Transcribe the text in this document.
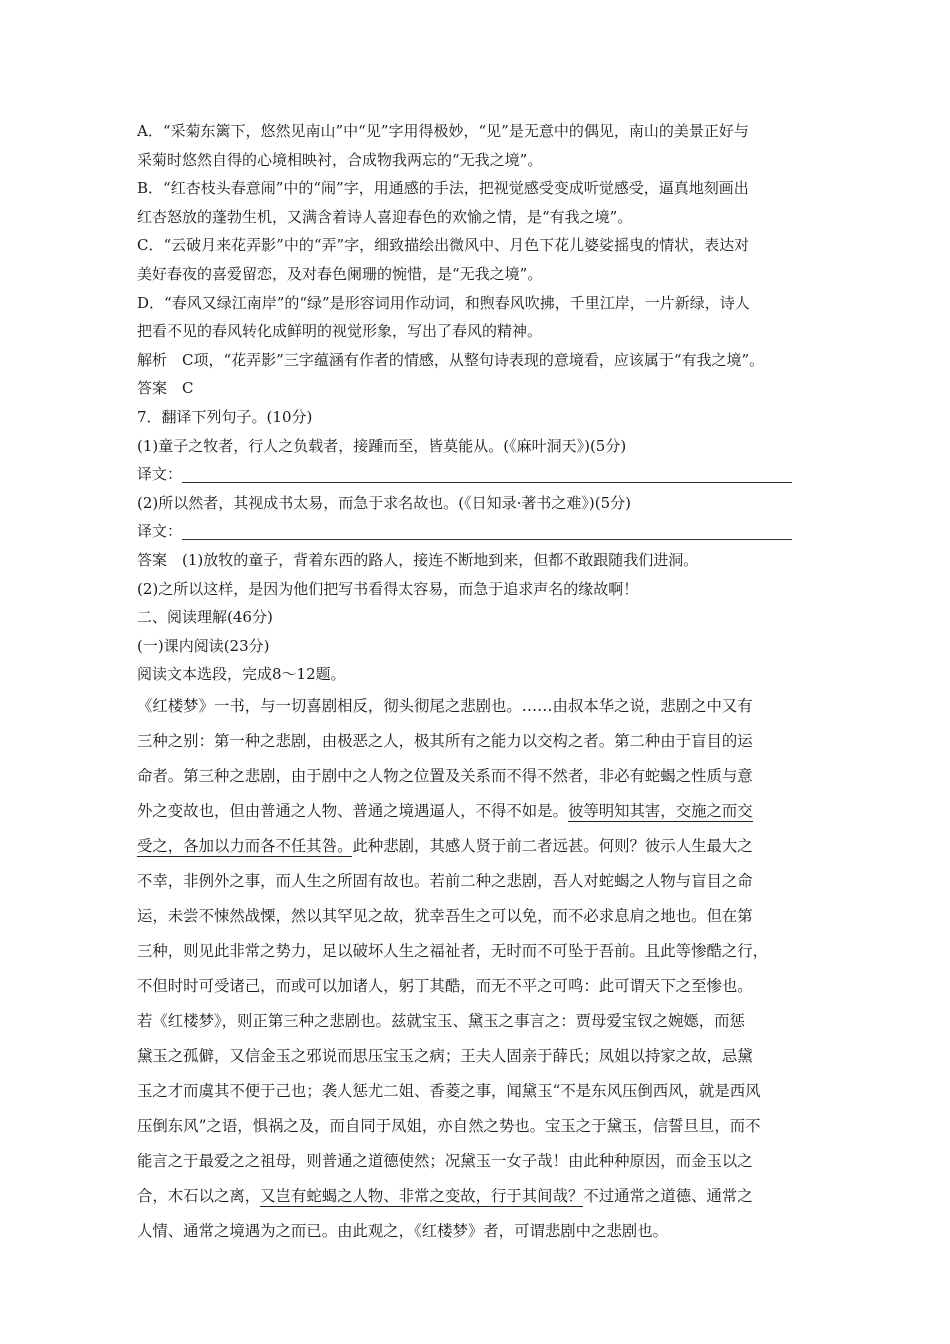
A．“采菊东篱下，悠然见南山”中“见”字用得极妙，“见”是无意中的偶见，南山的美景正好与
采菊时悠然自得的心境相映衬，合成物我两忘的“无我之境”。
B．“红杏枝头春意闹”中的“闹”字，用通感的手法，把视觉感受变成听觉感受，逼真地刻画出
红杏怒放的蓬勃生机，又满含着诗人喜迎春色的欢愉之情，是“有我之境”。
C．“云破月来花弄影”中的“弄”字，细致描绘出微风中、月色下花儿婆娑摇曳的情状，表达对
美好春夜的喜爱留恋，及对春色阑珊的惋惜，是“无我之境”。
D．“春风又绿江南岸”的“绿”是形容词用作动词，和煦春风吹拂，千里江岸，一片新绿，诗人
把看不见的春风转化成鲜明的视觉形象，写出了春风的精神。
解析　C项，“花弄影”三字蕴涵有作者的情感，从整句诗表现的意境看，应该属于“有我之境”。
答案　C
7．翻译下列句子。(10分)
(1)童子之牧者，行人之负载者，接踵而至，皆莫能从。(《麻叶洞天》)(5分)
译文：
(2)所以然者，其视成书太易，而急于求名故也。(《日知录·著书之难》)(5分)
译文：
答案　(1)放牧的童子，背着东西的路人，接连不断地到来，但都不敢跟随我们进洞。
(2)之所以这样，是因为他们把写书看得太容易，而急于追求声名的缘故啊！
二、阅读理解(46分)
(一)课内阅读(23分)
阅读文本选段，完成8～12题。
《红楼梦》一书，与一切喜剧相反，彻头彻尾之悲剧也。……由叔本华之说，悲剧之中又有
三种之别：第一种之悲剧，由极恶之人，极其所有之能力以交构之者。第二种由于盲目的运
命者。第三种之悲剧，由于剧中之人物之位置及关系而不得不然者，非必有蛇蝎之性质与意
外之变故也，但由普通之人物、普通之境遇逼人，不得不如是。彼等明知其害，交施之而交
受之，各加以力而各不任其咎。此种悲剧，其感人贤于前二者远甚。何则？彼示人生最大之
不幸，非例外之事，而人生之所固有故也。若前二种之悲剧，吾人对蛇蝎之人物与盲目之命
运，未尝不悚然战慄，然以其罕见之故，犹幸吾生之可以免，而不必求息肩之地也。但在第
三种，则见此非常之势力，足以破坏人生之福祉者，无时而不可坠于吾前。且此等惨酷之行，
不但时时可受诸己，而或可以加诸人，躬丁其酷，而无不平之可鸣：此可谓天下之至惨也。
若《红楼梦》，则正第三种之悲剧也。兹就宝玉、黛玉之事言之：贾母爱宝钗之婉嫕，而惩
黛玉之孤僻，又信金玉之邪说而思压宝玉之病；王夫人固亲于薛氏；凤姐以持家之故，忌黛
玉之才而虞其不便于己也；袭人惩尤二姐、香菱之事，闻黛玉“不是东风压倒西风，就是西风
压倒东风”之语，惧祸之及，而自同于凤姐，亦自然之势也。宝玉之于黛玉，信誓旦旦，而不
能言之于最爱之之祖母，则普通之道德使然；况黛玉一女子哉！由此种种原因，而金玉以之
合，木石以之离，又岂有蛇蝎之人物、非常之变故，行于其间哉？不过通常之道德、通常之
人情、通常之境遇为之而已。由此观之，《红楼梦》者，可谓悲剧中之悲剧也。
